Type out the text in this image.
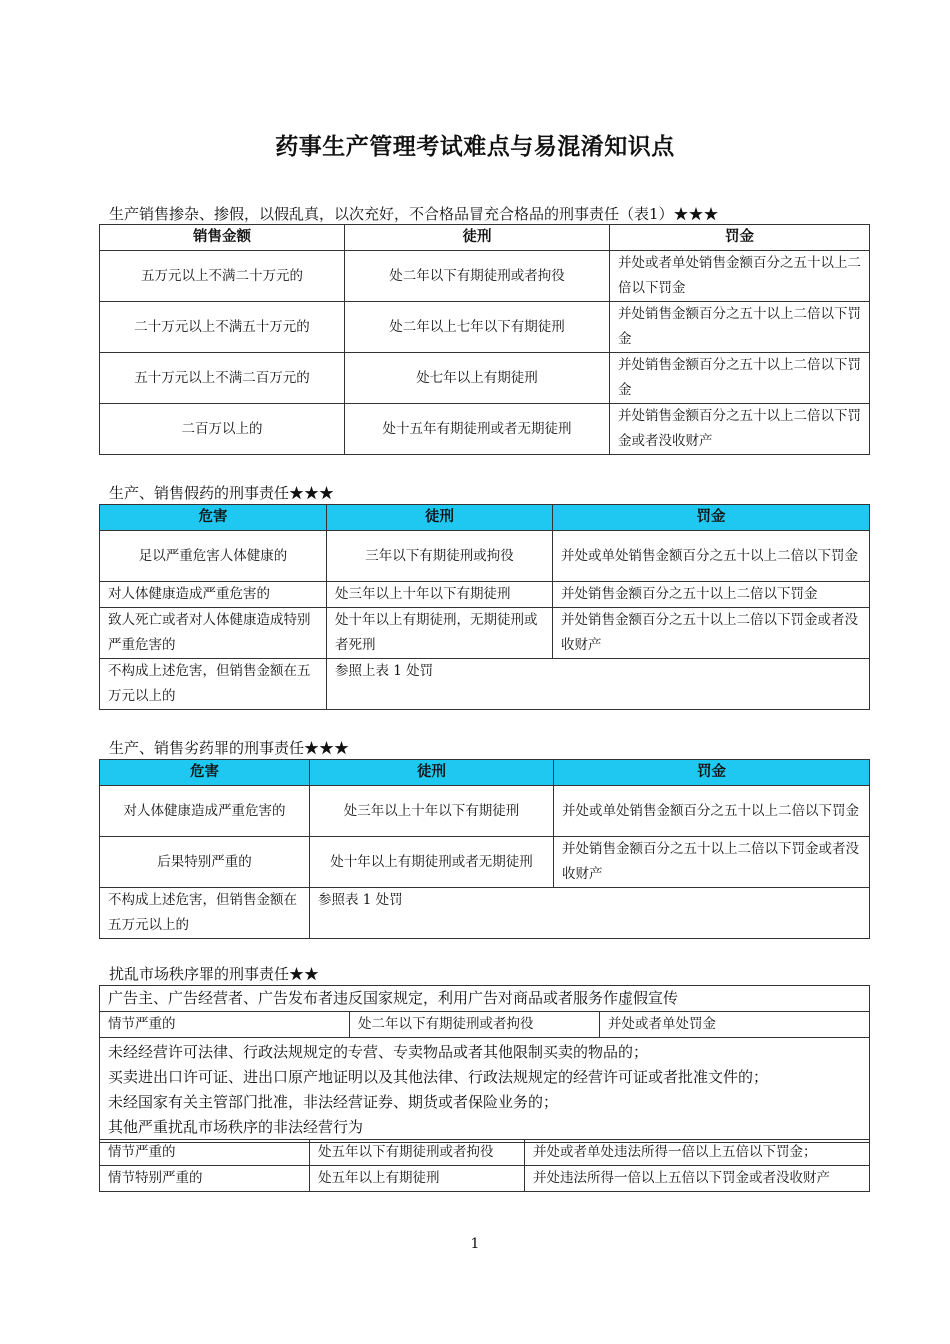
药事生产管理考试难点与易混淆知识点
生产销售掺杂、掺假，以假乱真，以次充好，不合格品冒充合格品的刑事责任（表1）★★★
销售金额	徒刑	罚金
五万元以上不满二十万元的	处二年以下有期徒刑或者拘役	并处或者单处销售金额百分之五十以上二倍以下罚金
二十万元以上不满五十万元的	处二年以上七年以下有期徒刑	并处销售金额百分之五十以上二倍以下罚金
五十万元以上不满二百万元的	处七年以上有期徒刑	并处销售金额百分之五十以上二倍以下罚金
二百万以上的	处十五年有期徒刑或者无期徒刑	并处销售金额百分之五十以上二倍以下罚金或者没收财产
生产、销售假药的刑事责任★★★
危害	徒刑	罚金
足以严重危害人体健康的	三年以下有期徒刑或拘役	并处或单处销售金额百分之五十以上二倍以下罚金
对人体健康造成严重危害的	处三年以上十年以下有期徒刑	并处销售金额百分之五十以上二倍以下罚金
致人死亡或者对人体健康造成特别严重危害的	处十年以上有期徒刑，无期徒刑或者死刑	并处销售金额百分之五十以上二倍以下罚金或者没收财产
不构成上述危害，但销售金额在五万元以上的	参照上表 1 处罚	
生产、销售劣药罪的刑事责任★★★
危害	徒刑	罚金
对人体健康造成严重危害的	处三年以上十年以下有期徒刑	并处或单处销售金额百分之五十以上二倍以下罚金
后果特别严重的	处十年以上有期徒刑或者无期徒刑	并处销售金额百分之五十以上二倍以下罚金或者没收财产
不构成上述危害，但销售金额在五万元以上的	参照表 1 处罚	
扰乱市场秩序罪的刑事责任★★
广告主、广告经营者、广告发布者违反国家规定，利用广告对商品或者服务作虚假宣传
情节严重的	处二年以下有期徒刑或者拘役	并处或者单处罚金

未经经营许可法律、行政法规规定的专营、专卖物品或者其他限制买卖的物品的；
买卖进出口许可证、进出口原产地证明以及其他法律、行政法规规定的经营许可证或者批准文件的；
未经国家有关主管部门批准，非法经营证券、期货或者保险业务的；
其他严重扰乱市场秩序的非法经营行为
情节严重的	处五年以下有期徒刑或者拘役	并处或者单处违法所得一倍以上五倍以下罚金；
情节特别严重的	处五年以上有期徒刑	并处违法所得一倍以上五倍以下罚金或者没收财产
1
